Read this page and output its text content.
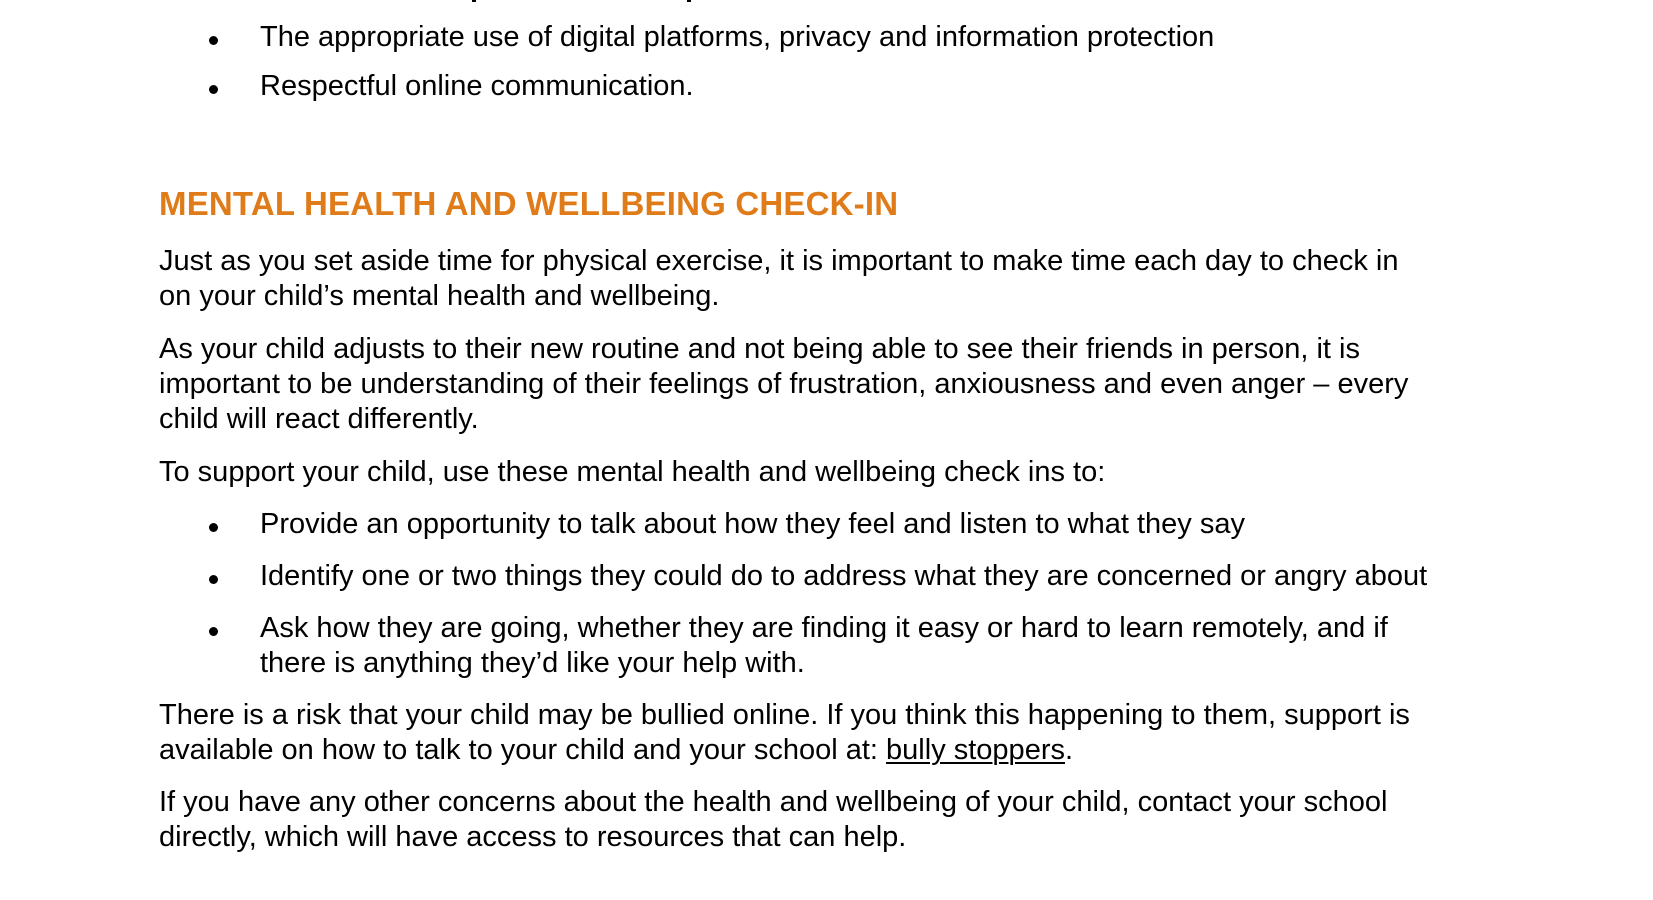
The appropriate use of digital platforms, privacy and information protection
Respectful online communication.
MENTAL HEALTH AND WELLBEING CHECK-IN

Just as you set aside time for physical exercise, it is important to make time each day to check in
on your child’s mental health and wellbeing.

As your child adjusts to their new routine and not being able to see their friends in person, it is
important to be understanding of their feelings of frustration, anxiousness and even anger – every
child will react differently.

To support your child, use these mental health and wellbeing check ins to:

Provide an opportunity to talk about how they feel and listen to what they say
Identify one or two things they could do to address what they are concerned or angry about
Ask how they are going, whether they are finding it easy or hard to learn remotely, and if
there is anything they’d like your help with.

There is a risk that your child may be bullied online. If you think this happening to them, support is
available on how to talk to your child and your school at: bully stoppers.

If you have any other concerns about the health and wellbeing of your child, contact your school
directly, which will have access to resources that can help.
